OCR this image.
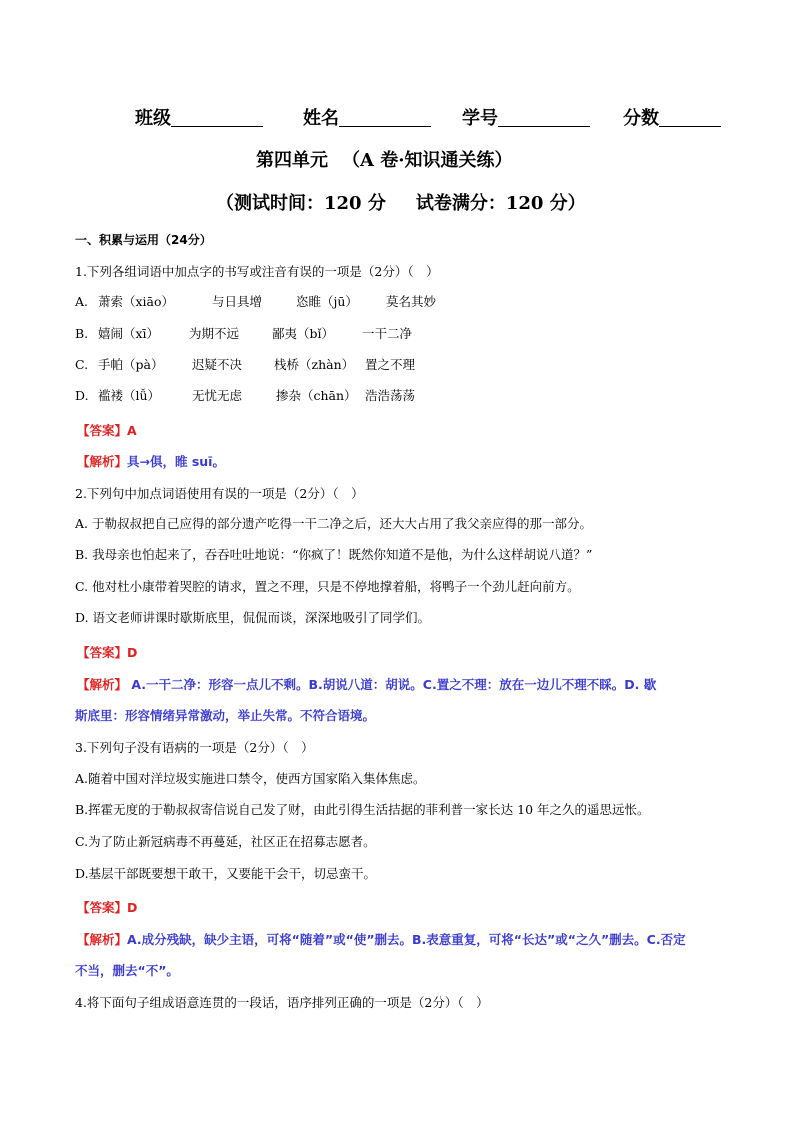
班级	姓名	学号	分数
第四单元 （A 卷·知识通关练）
（测试时间：120 分 试卷满分：120 分）
一、积累与运用（24分）
1.下列各组词语中加点字的书写或注音有误的一项是（2分）（　）
A. 萧索（xiāo）	与日具增	恣睢（jū） 莫名其妙
B. 嬉闹（xī） 为期不远	鄙夷（bǐ） 一干二净
C. 手帕（pà） 迟疑不决	栈桥（zhàn） 置之不理
D. 褴褛（lǚ）	无忧无虑	掺杂（chān） 浩浩荡荡
【答案】A
【解析】具→俱，睢 suī。
2.下列句中加点词语使用有误的一项是（2分）（　）
A. 于勒叔叔把自己应得的部分遗产吃得一干二净之后，还大大占用了我父亲应得的那一部分。
B. 我母亲也怕起来了，吞吞吐吐地说：“你疯了！既然你知道不是他，为什么这样胡说八道？”
C. 他对杜小康带着哭腔的请求，置之不理，只是不停地撑着船，将鸭子一个劲儿赶向前方。
D. 语文老师讲课时歇斯底里，侃侃而谈，深深地吸引了同学们。
【答案】D
【解析】 A.一干二净：形容一点儿不剩。B.胡说八道：胡说。C.置之不理：放在一边儿不理不睬。D. 歇
斯底里：形容情绪异常激动，举止失常。不符合语境。
3.下列句子没有语病的一项是（2分）（　）
A.随着中国对洋垃圾实施进口禁令，使西方国家陷入集体焦虑。
B.挥霍无度的于勒叔叔寄信说自己发了财，由此引得生活拮据的菲利普一家长达 10 年之久的遥思远怅。
C.为了防止新冠病毒不再蔓延，社区正在招募志愿者。
D.基层干部既要想干敢干，又要能干会干，切忌蛮干。
【答案】D
【解析】A.成分残缺，缺少主语，可将“随着”或“使”删去。B.表意重复，可将“长达”或“之久”删去。C.否定
不当，删去“不”。
4.将下面句子组成语意连贯的一段话，语序排列正确的一项是（2分）（　）
